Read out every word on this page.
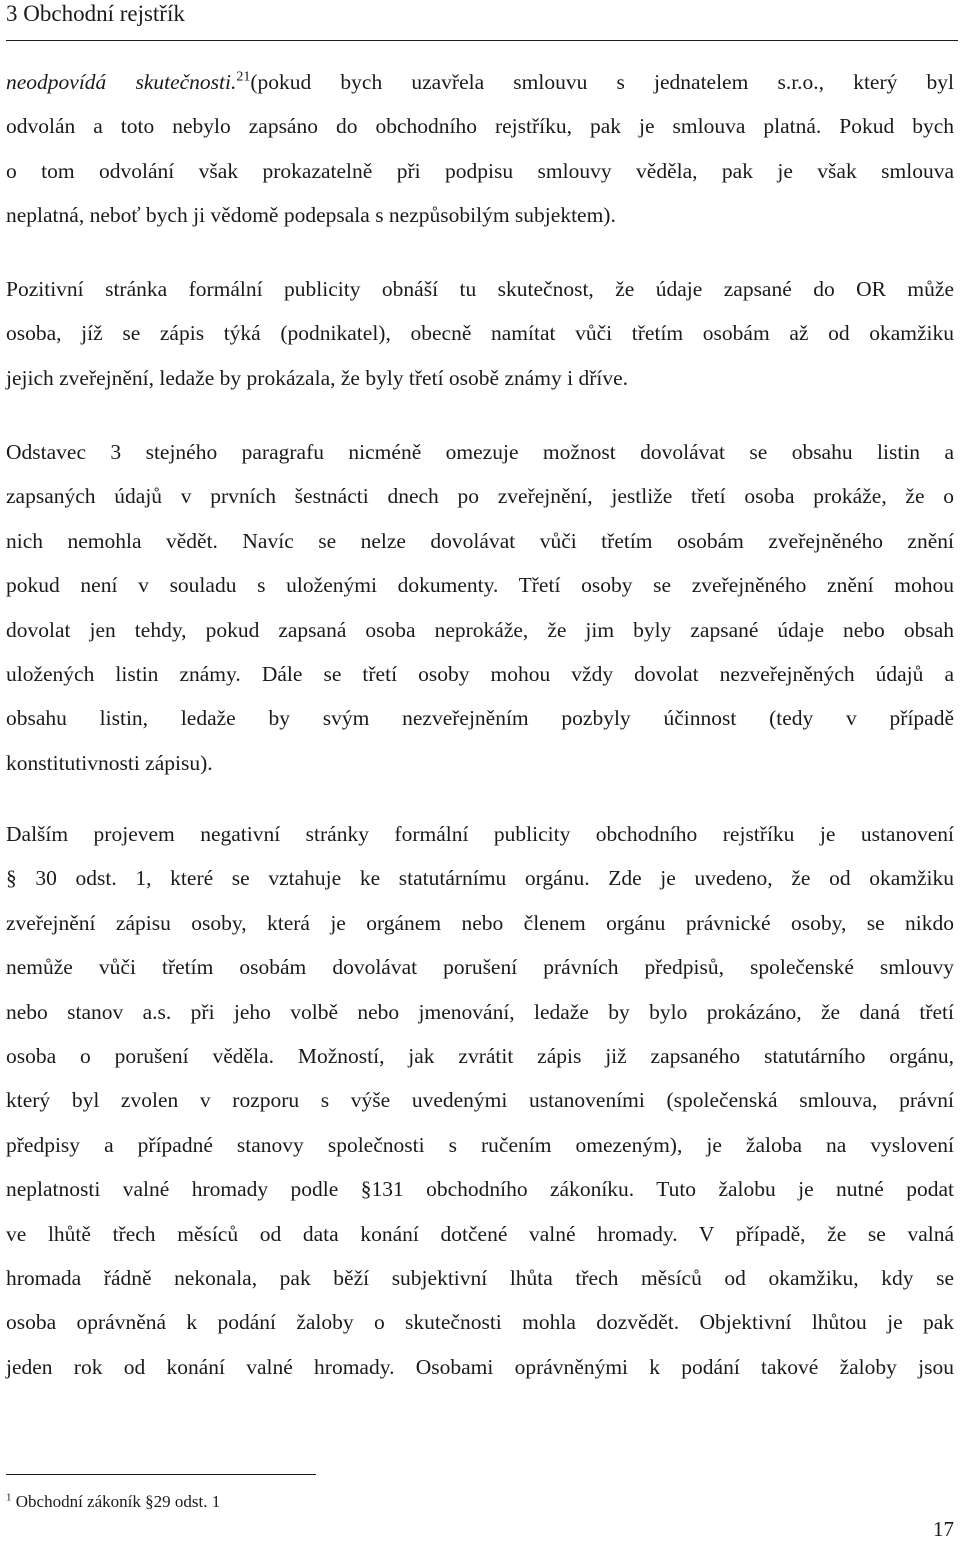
3 Obchodní rejstřík

neodpovídá skutečnosti.$^{21}$(pokud bych uzavřela smlouvu s jednatelem s.r.o., který byl
odvolán a toto nebylo zapsáno do obchodního rejstříku, pak je smlouva platná. Pokud bych
o tom odvolání však prokazatelně při podpisu smlouvy věděla, pak je však smlouva
neplatná, neboť bych ji vědomě podepsala s nezpůsobilým subjektem).

Pozitivní stránka formální publicity obnáší tu skutečnost, že údaje zapsané do OR může
osoba, jíž se zápis týká (podnikatel), obecně namítat vůči třetím osobám až od okamžiku
jejich zveřejnění, ledaže by prokázala, že byly třetí osobě známy i dříve.

Odstavec 3 stejného paragrafu nicméně omezuje možnost dovolávat se obsahu listin a
zapsaných údajů v prvních šestnácti dnech po zveřejnění, jestliže třetí osoba prokáže, že o
nich nemohla vědět. Navíc se nelze dovolávat vůči třetím osobám zveřejněného znění
pokud není v souladu s uloženými dokumenty. Třetí osoby se zveřejněného znění mohou
dovolat jen tehdy, pokud zapsaná osoba neprokáže, že jim byly zapsané údaje nebo obsah
uložených listin známy. Dále se třetí osoby mohou vždy dovolat nezveřejněných údajů a
obsahu listin, ledaže by svým nezveřejněním pozbyly účinnost (tedy v případě
konstitutivnosti zápisu).

Dalším projevem negativní stránky formální publicity obchodního rejstříku je ustanovení
§ 30 odst. 1, které se vztahuje ke statutárnímu orgánu. Zde je uvedeno, že od okamžiku
zveřejnění zápisu osoby, která je orgánem nebo členem orgánu právnické osoby, se nikdo
nemůže vůči třetím osobám dovolávat porušení právních předpisů, společenské smlouvy
nebo stanov a.s. při jeho volbě nebo jmenování, ledaže by bylo prokázáno, že daná třetí
osoba o porušení věděla. Možností, jak zvrátit zápis již zapsaného statutárního orgánu,
který byl zvolen v rozporu s výše uvedenými ustanoveními (společenská smlouva, právní
předpisy a případné stanovy společnosti s ručením omezeným), je žaloba na vyslovení
neplatnosti valné hromady podle §131 obchodního zákoníku. Tuto žalobu je nutné podat
ve lhůtě třech měsíců od data konání dotčené valné hromady. V případě, že se valná
hromada řádně nekonala, pak běží subjektivní lhůta třech měsíců od okamžiku, kdy se
osoba oprávněná k podání žaloby o skutečnosti mohla dozvědět. Objektivní lhůtou je pak
jeden rok od konání valné hromady. Osobami oprávněnými k podání takové žaloby jsou

$^1$ Obchodní zákoník §29 odst. 1
17
